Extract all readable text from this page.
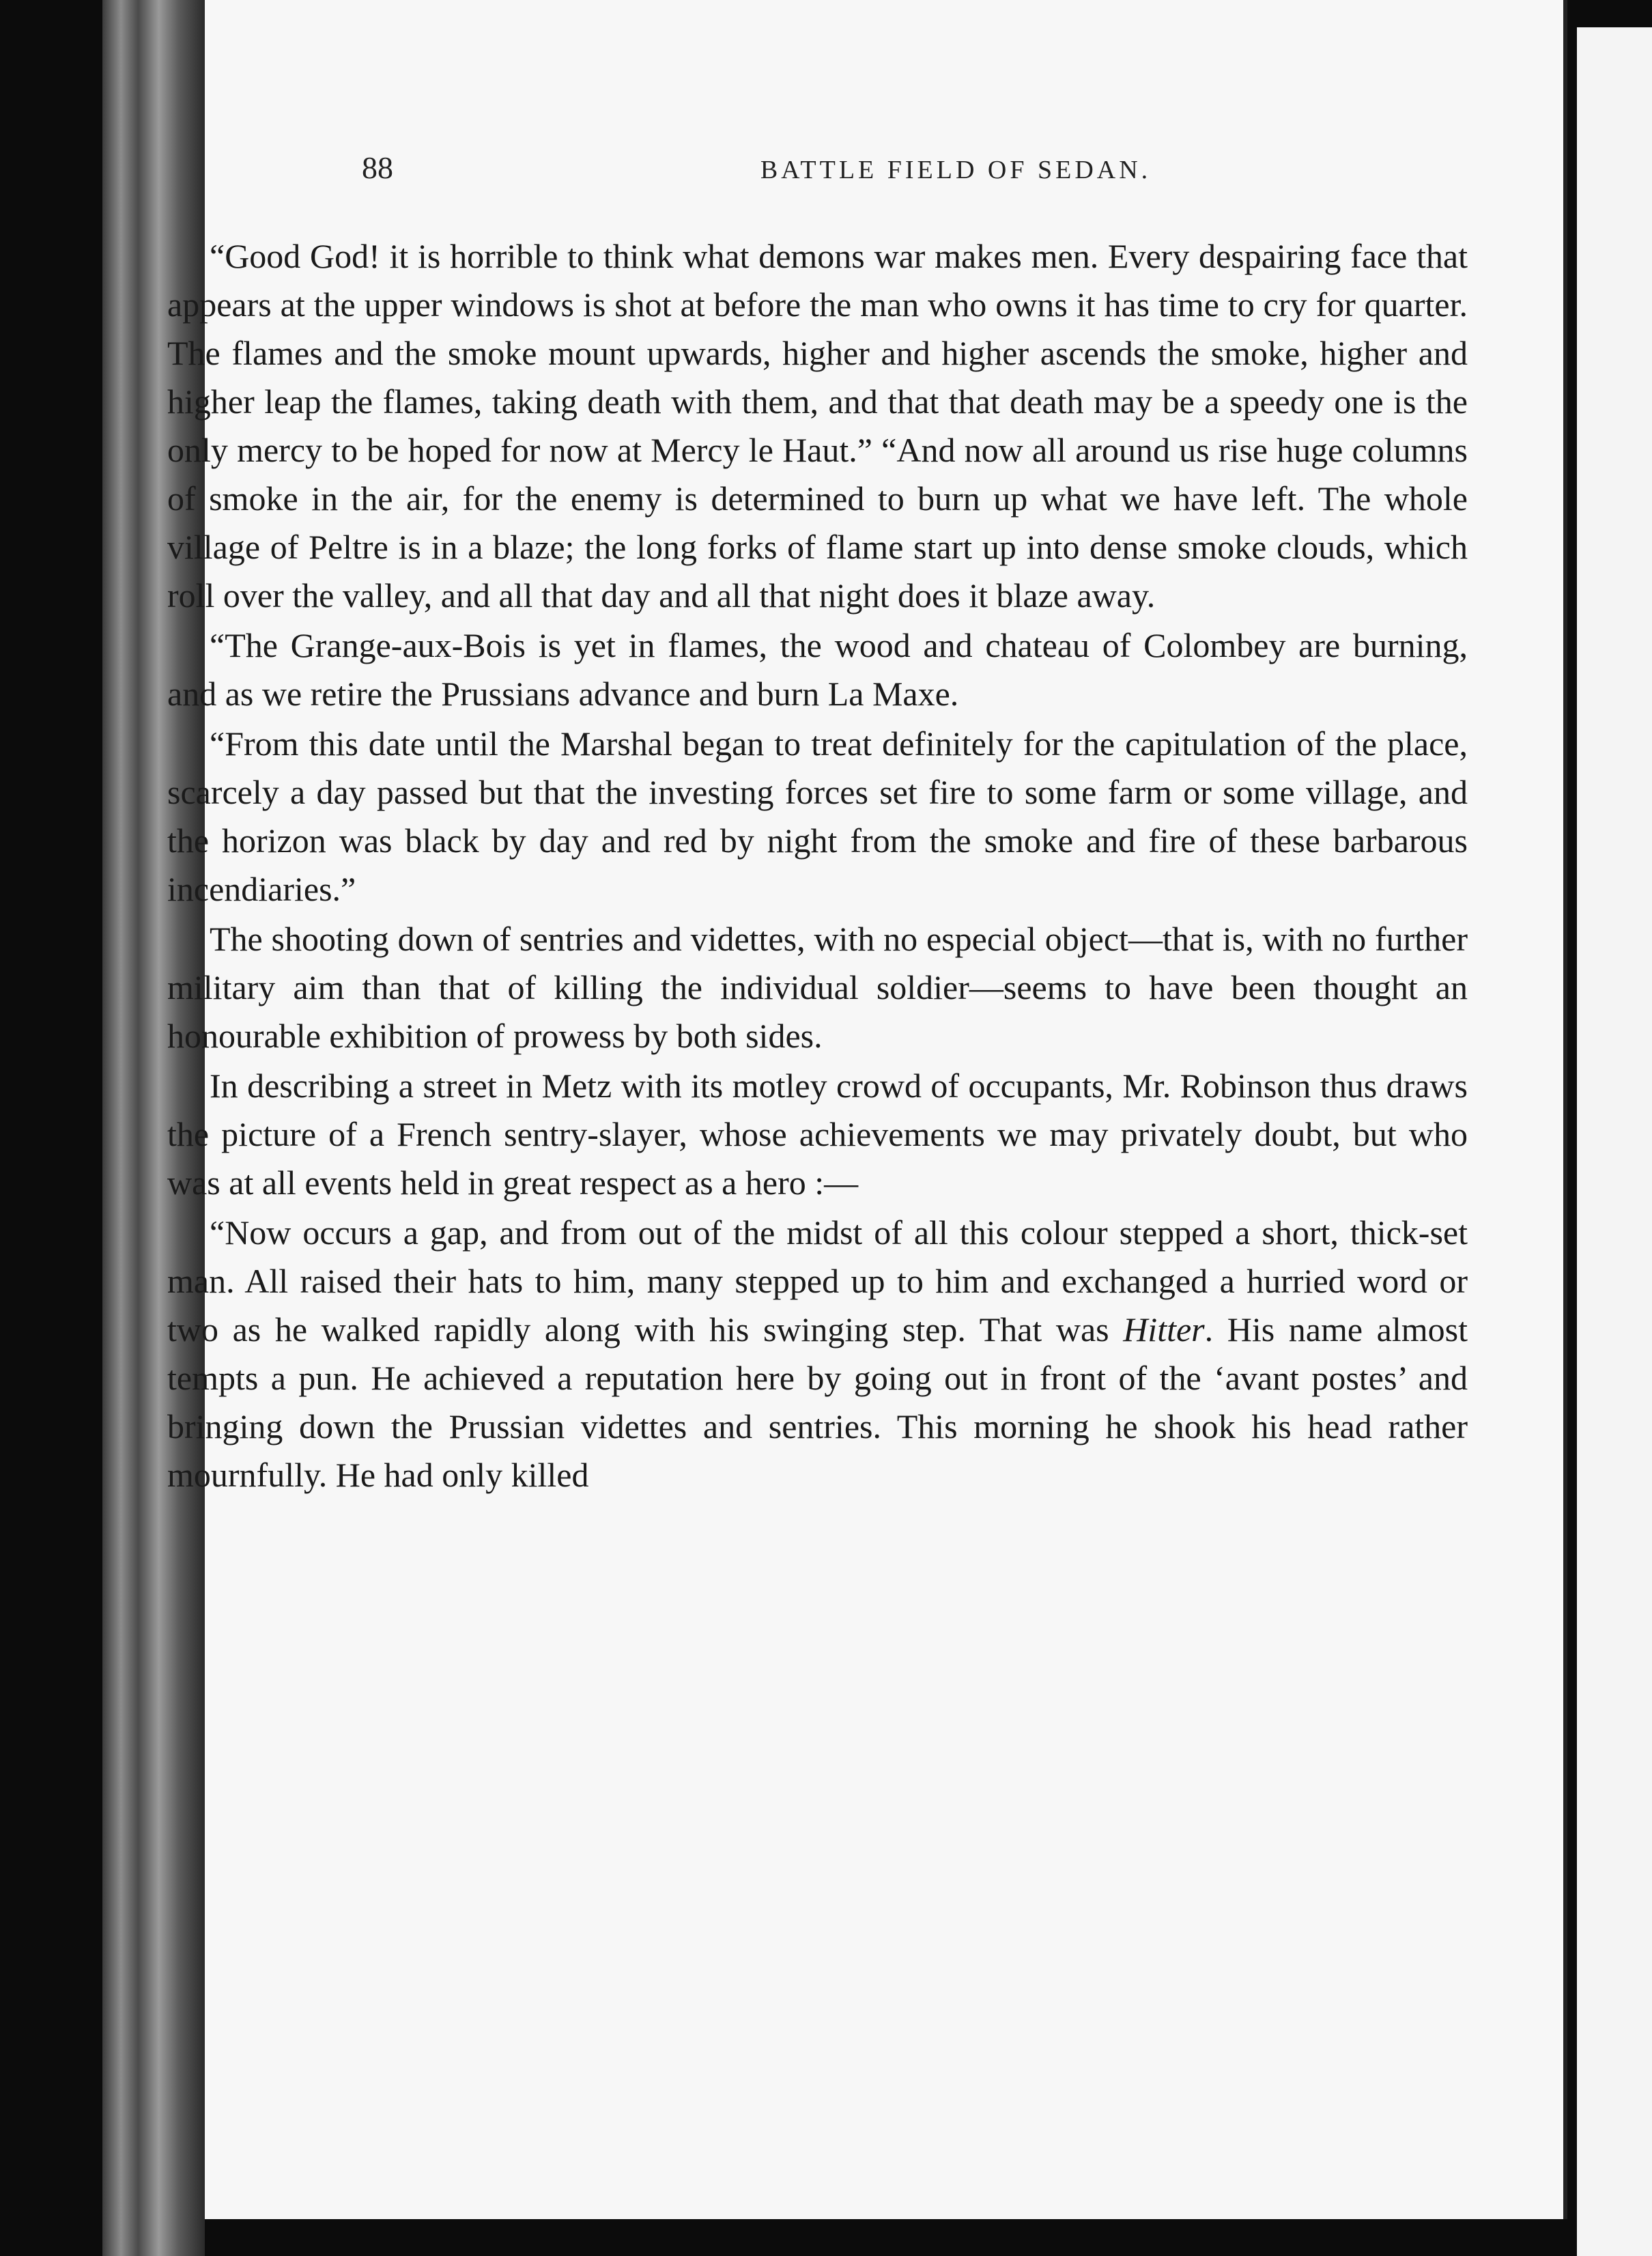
88	BATTLE FIELD OF SEDAN.

“Good God! it is horrible to think what demons war makes men. Every despairing face that appears at the upper windows is shot at before the man who owns it has time to cry for quarter. The flames and the smoke mount upwards, higher and higher ascends the smoke, higher and higher leap the flames, taking death with them, and that that death may be a speedy one is the only mercy to be hoped for now at Mercy le Haut.” “And now all around us rise huge columns of smoke in the air, for the enemy is determined to burn up what we have left. The whole village of Peltre is in a blaze; the long forks of flame start up into dense smoke clouds, which roll over the valley, and all that day and all that night does it blaze away.

“The Grange-aux-Bois is yet in flames, the wood and chateau of Colombey are burning, and as we retire the Prussians advance and burn La Maxe.

“From this date until the Marshal began to treat definitely for the capitulation of the place, scarcely a day passed but that the investing forces set fire to some farm or some village, and the horizon was black by day and red by night from the smoke and fire of these barbarous incendiaries.”

The shooting down of sentries and videttes, with no especial object—that is, with no further military aim than that of killing the individual soldier—seems to have been thought an honourable exhibition of prowess by both sides.

In describing a street in Metz with its motley crowd of occupants, Mr. Robinson thus draws the picture of a French sentry-slayer, whose achievements we may privately doubt, but who was at all events held in great respect as a hero :—

“Now occurs a gap, and from out of the midst of all this colour stepped a short, thick-set man. All raised their hats to him, many stepped up to him and exchanged a hurried word or two as he walked rapidly along with his swinging step. That was Hitter. His name almost tempts a pun. He achieved a reputation here by going out in front of the ‘avant postes’ and bringing down the Prussian videttes and sentries. This morning he shook his head rather mournfully. He had only killed
